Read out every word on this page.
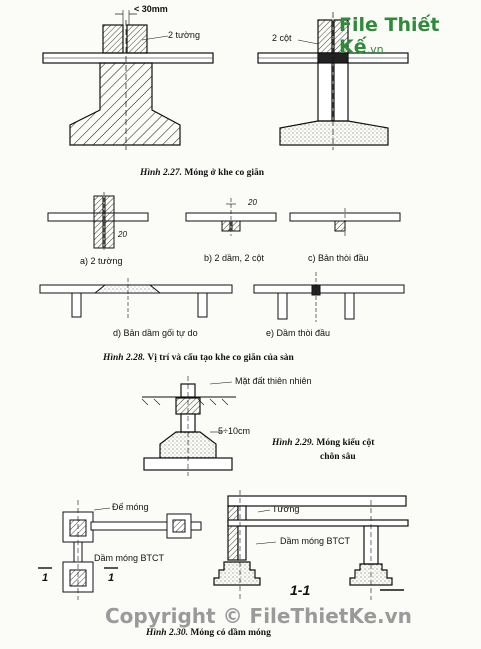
File Thiết Kế.vn
< 30mm
2 tường	2 cột
Hình 2.27. Móng ở khe co giãn
20
20
a) 2 tường	b) 2 dầm, 2 cột	c) Bản thòi đầu
d) Bản dầm gối tự do	e) Dầm thòi đầu
Hình 2.28. Vị trí và cấu tạo khe co giãn của sàn
Mặt đất thiên nhiên
5÷10cm
Hình 2.29. Móng kiểu cột
chôn sâu
Đế móng	Tường
Dầm móng BTCT
Dầm móng BTCT
1	1
1-1
Copyright © FileThietKe.vn
Hình 2.30. Móng có dầm móng
